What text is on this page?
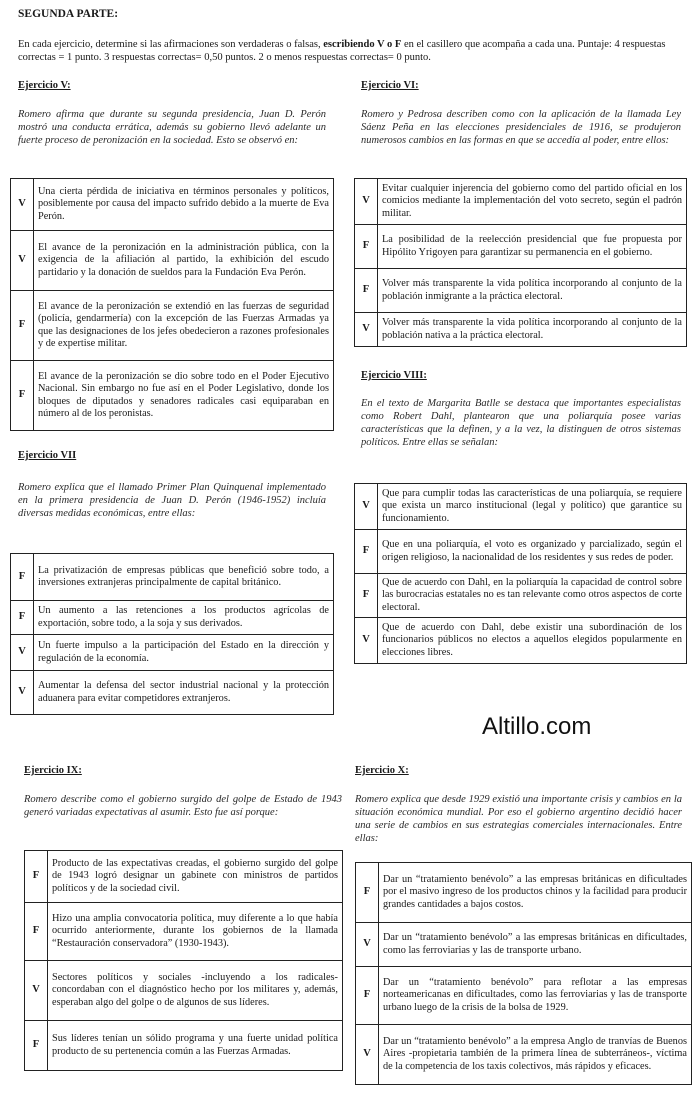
SEGUNDA PARTE:
En cada ejercicio, determine si las afirmaciones son verdaderas o falsas, escribiendo V o F en el casillero que acompaña a cada una. Puntaje: 4 respuestas correctas = 1 punto. 3 respuestas correctas= 0,50 puntos. 2 o menos respuestas correctas= 0 punto.
Ejercicio V:
Romero afirma que durante su segunda presidencia, Juan D. Perón mostró una conducta errática, además su gobierno llevó adelante un fuerte proceso de peronización en la sociedad. Esto se observó en:
V	Una cierta pérdida de iniciativa en términos personales y políticos, posiblemente por causa del impacto sufrido debido a la muerte de Eva Perón.
V	El avance de la peronización en la administración pública, con la exigencia de la afiliación al partido, la exhibición del escudo partidario y la donación de sueldos para la Fundación Eva Perón.
F	El avance de la peronización se extendió en las fuerzas de seguridad (policía, gendarmería) con la excepción de las Fuerzas Armadas ya que las designaciones de los jefes obedecieron a razones profesionales y de expertise militar.
F	El avance de la peronización se dio sobre todo en el Poder Ejecutivo Nacional. Sin embargo no fue así en el Poder Legislativo, donde los bloques de diputados y senadores radicales casi equiparaban en número al de los peronistas.
Ejercicio VI:
Romero y Pedrosa describen como con la aplicación de la llamada Ley Sáenz Peña en las elecciones presidenciales de 1916, se produjeron numerosos cambios en las formas en que se accedía al poder, entre ellos:
V	Evitar cualquier injerencia del gobierno como del partido oficial en los comicios mediante la implementación del voto secreto, según el padrón militar.
F	La posibilidad de la reelección presidencial que fue propuesta por Hipólito Yrigoyen para garantizar su permanencia en el gobierno.
F	Volver más transparente la vida política incorporando al conjunto de la población inmigrante a la práctica electoral.
V	Volver más transparente la vida política incorporando al conjunto de la población nativa a la práctica electoral.
Ejercicio VII
Romero explica que el llamado Primer Plan Quinquenal implementado en la primera presidencia de Juan D. Perón (1946-1952) incluía diversas medidas económicas, entre ellas:
F	La privatización de empresas públicas que benefició sobre todo, a inversiones extranjeras principalmente de capital británico.
F	Un aumento a las retenciones a los productos agrícolas de exportación, sobre todo, a la soja y sus derivados.
V	Un fuerte impulso a la participación del Estado en la dirección y regulación de la economía.
V	Aumentar la defensa del sector industrial nacional y la protección aduanera para evitar competidores extranjeros.
Ejercicio VIII:
En el texto de Margarita Batlle se destaca que importantes especialistas como Robert Dahl, plantearon que una poliarquía posee varias características que la definen, y a la vez, la distinguen de otros sistemas políticos. Entre ellas se señalan:
V	Que para cumplir todas las características de una poliarquía, se requiere que exista un marco institucional (legal y político) que garantice su funcionamiento.
F	Que en una poliarquía, el voto es organizado y parcializado, según el origen religioso, la nacionalidad de los residentes y sus redes de poder.
F	Que de acuerdo con Dahl, en la poliarquía la capacidad de control sobre las burocracias estatales no es tan relevante como otros aspectos de corte electoral.
V	Que de acuerdo con Dahl, debe existir una subordinación de los funcionarios públicos no electos a aquellos elegidos popularmente en elecciones libres.
Altillo.com
Ejercicio IX:
Romero describe como el gobierno surgido del golpe de Estado de 1943 generó variadas expectativas al asumir. Esto fue así porque:
F	Producto de las expectativas creadas, el gobierno surgido del golpe de 1943 logró designar un gabinete con ministros de partidos políticos y de la sociedad civil.
F	Hizo una amplia convocatoria política, muy diferente a lo que había ocurrido anteriormente, durante los gobiernos de la llamada “Restauración conservadora” (1930-1943).
V	Sectores políticos y sociales -incluyendo a los radicales- concordaban con el diagnóstico hecho por los militares y, además, esperaban algo del golpe o de algunos de sus líderes.
F	Sus líderes tenían un sólido programa y una fuerte unidad política producto de su pertenencia común a las Fuerzas Armadas.
Ejercicio X:
Romero explica que desde 1929 existió una importante crisis y cambios en la situación económica mundial. Por eso el gobierno argentino decidió hacer una serie de cambios en sus estrategias comerciales internacionales. Entre ellas:
F	Dar un “tratamiento benévolo” a las empresas británicas en dificultades por el masivo ingreso de los productos chinos y la facilidad para producir grandes cantidades a bajos costos.
V	Dar un “tratamiento benévolo” a las empresas británicas en dificultades, como las ferroviarias y las de transporte urbano.
F	Dar un “tratamiento benévolo” para reflotar a las empresas norteamericanas en dificultades, como las ferroviarias y las de transporte urbano luego de la crisis de la bolsa de 1929.
V	Dar un “tratamiento benévolo” a la empresa Anglo de tranvías de Buenos Aires -propietaria también de la primera línea de subterráneos-, víctima de la competencia de los taxis colectivos, más rápidos y eficaces.
